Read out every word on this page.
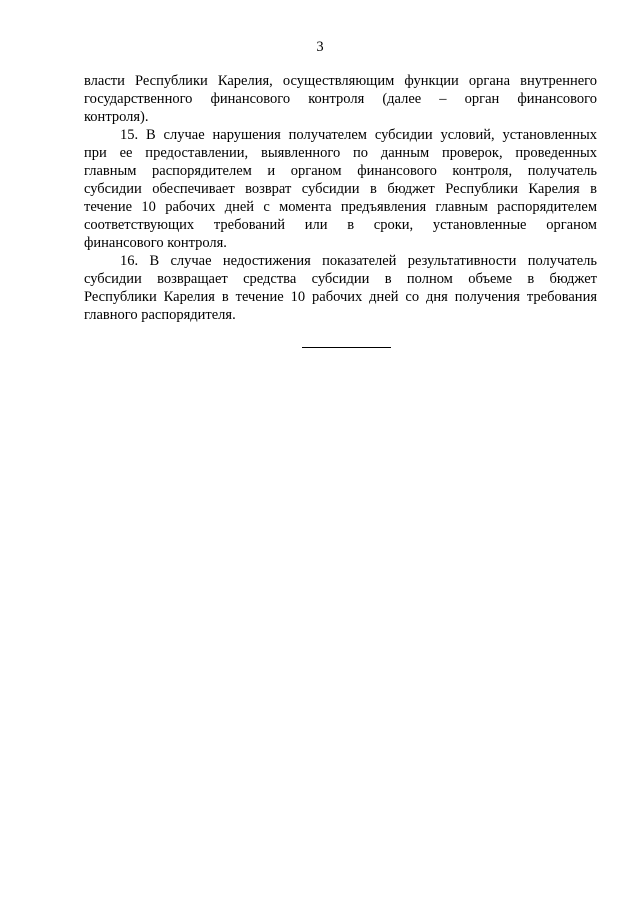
3
власти Республики Карелия, осуществляющим функции органа внутреннего
государственного финансового контроля (далее – орган финансового
контроля).
15. В случае нарушения получателем субсидии условий, установленных
при ее предоставлении, выявленного по данным проверок, проведенных
главным распорядителем и органом финансового контроля, получатель
субсидии обеспечивает возврат субсидии в бюджет Республики Карелия в
течение 10 рабочих дней с момента предъявления главным распорядителем
соответствующих требований или в сроки, установленные органом
финансового контроля.
16. В случае недостижения показателей результативности получатель
субсидии возвращает средства субсидии в полном объеме в бюджет
Республики Карелия в течение 10 рабочих дней со дня получения требования
главного распорядителя.
